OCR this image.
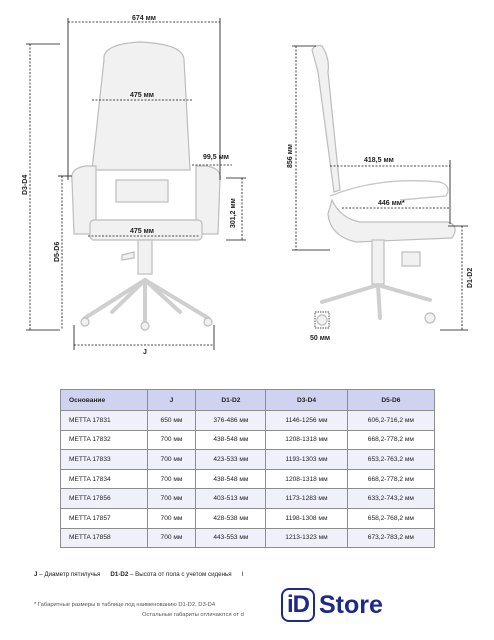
674 мм
475 мм
475 мм
99,5 мм
301,2 мм
D3-D4
D5-D6
J
856 мм	418,5 мм
446 мм*
D1-D2
50 мм
Основание	J	D1-D2	D3-D4	D5-D6
METTA 17831	650 мм	376-486 мм	1146-1256 мм	606,2-716,2 мм
METTA 17832	700 мм	438-548 мм	1208-1318 мм	668,2-778,2 мм
METTA 17833	700 мм	423-533 мм	1193-1303 мм	653,2-763,2 мм
METTA 17834	700 мм	438-548 мм	1208-1318 мм	668,2-778,2 мм
METTA 17856	700 мм	403-513 мм	1173-1283 мм	633,2-743,2 мм
METTA 17857	700 мм	428-538 мм	1198-1308 мм	658,2-768,2 мм
METTA 17858	700 мм	443-553 мм	1213-1323 мм	673,2-783,2 мм
J – Диаметр пятилучья D1-D2 – Высота от пола с учетом сиденья I
* Габаритные размеры в таблице под наименованию D1-D2, D3-D4
Остальные габариты отличаются от d iD Store
